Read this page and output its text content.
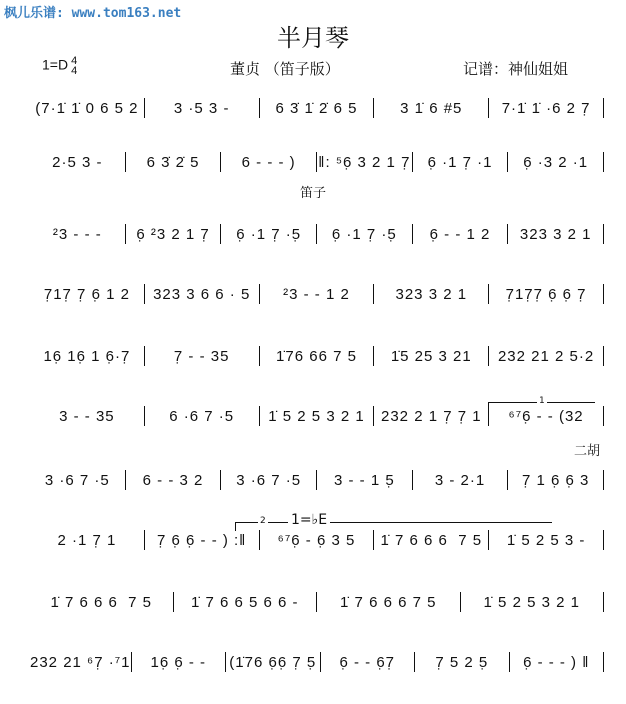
枫儿乐谱: www.tom163.net
半月琴
1=D 4
4	董贞 （笛子版）	记谱：神仙姐姐
(7·1̇ 1̇ 0 6 5 2	3 ·5 3 -	6 3̇ 1̇ 2̇ 6 5	3 1̇ 6 #5	7·1̇ 1̇ ·6 2 7̣
2·5 3 -	6 3̇ 2̇ 5	6 - - - )	‖: ⁵6̣ 3 2 1 7̣	6̣ ·1 7̣ ·1	6̣ ·3 2 ·1
²3 - - -	6̣ ²3 2 1 7̣	6̣ ·1 7̣ ·5̣	6̣ ·1 7̣ ·5̣	6̣ - - 1 2	323 3 2 1
7̣17̣ 7̣ 6̣ 1 2	323 3 6 6 · 5	²3 - - 1 2	323 3 2 1	7̣17̣7̣ 6̣ 6̣ 7̣
16̣ 16̣ 1 6̣·7̣	7̣ - - 35	1̇76 66 7 5	1̇5 25 3 21	232 21 2 5·2
3 - - 35	6 ·6 7 ·5	1̇ 5 2 5 3 2 1	232 2 1 7̣ 7̣ 1	⁶⁷6̣ - - (32
3 ·6 7 ·5	6 - - 3 2	3 ·6 7 ·5	3 - - 1 5̣	3 - 2·1	7̣ 1 6̣ 6̣ 3
2 ·1 7̣ 1	7̣ 6̣ 6̣ - - ) :‖	⁶⁷6̣ - 6̣ 3 5	1̇ 7 6 6 6  7 5	1̇ 5 2 5 3 -
1̇ 7 6 6 6  7 5	1̇ 7 6 6 5 6 6 -	1̇ 7 6 6 6 7 5	1̇ 5 2 5 3 2 1
232 21 ⁶7̣ ·⁷1	16̣ 6̣ - -	(1̇76 6̣6̣ 7̣ 5̣	6̣ - - 6̣7̣	7̣ 5 2 5̣	6̣ - - - ) ‖
笛子
二胡
1
2 1=♭E
